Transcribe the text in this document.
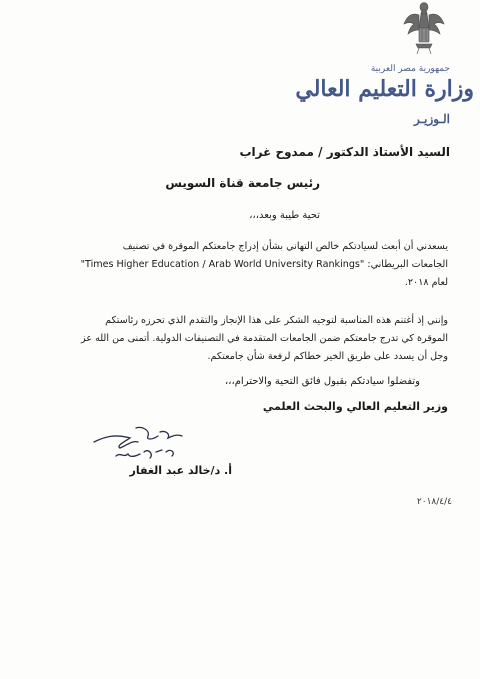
جمهورية مصر العربية
وزارة التعليم العالي
الـوزيـر
السيد الأستاذ الدكتور / ممدوح غراب
رئيس جامعة قناة السويس
تحية طيبة وبعد،،،
يسعدني أن أبعث لسيادتكم خالص التهاني بشأن إدراج جامعتكم الموقرة في تصنيف
الجامعات البريطاني: "Times Higher Education / Arab World University Rankings"
لعام ٢٠١٨.
وإنني إذ أغتنم هذه المناسبة لتوجيه الشكر على هذا الإنجاز والتقدم الذي تحرزه رئاستكم
الموقرة كي تدرج جامعتكم ضمن الجامعات المتقدمة في التصنيفات الدولية. أتمنى من الله عز
وجل أن يسدد على طريق الخير خطاكم لرفعة شأن جامعتكم.
وتفضلوا سيادتكم بقبول فائق التحية والاحترام،،،
وزير التعليم العالي والبحث العلمي
أ. د/خالد عبد الغفار
٢٠١٨/٤/٤
